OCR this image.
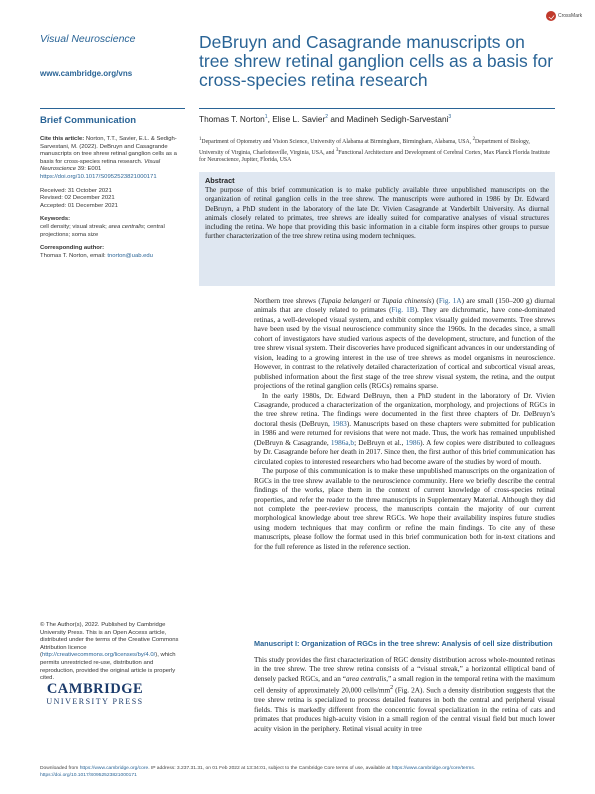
CrossMark
Visual Neuroscience
www.cambridge.org/vns
Brief Communication

Cite this article: Norton, T.T., Savier, E.L. & Sedigh-Sarvestani, M. (2022). DeBruyn and Casagrande manuscripts on tree shrew retinal ganglion cells as a basis for cross-species retina research. Visual Neuroscience 39: E001 https://doi.org/10.1017/S0952523821000171

Received: 31 October 2021
Revised: 02 December 2021
Accepted: 01 December 2021

Keywords:
cell density; visual streak; area centralis; central projections; soma size

Corresponding author:
Thomas T. Norton, email: tnorton@uab.edu

© The Author(s), 2022. Published by Cambridge University Press. This is an Open Access article, distributed under the terms of the Creative Commons Attribution licence (http://creativecommons.org/licenses/by/4.0/), which permits unrestricted re-use, distribution and reproduction, provided the original article is properly cited.
CAMBRIDGE
UNIVERSITY PRESS
DeBruyn and Casagrande manuscripts on tree shrew retinal ganglion cells as a basis for cross-species retina research
Thomas T. Norton$^1$, Elise L. Savier$^2$ and Madineh Sedigh-Sarvestani$^3$
$^1$Department of Optometry and Vision Science, University of Alabama at Birmingham, Birmingham, Alabama, USA, $^2$Department of Biology, University of Virginia, Charlottesville, Virginia, USA, and $^3$Functional Architecture and Development of Cerebral Cortex, Max Planck Florida Institute for Neuroscience, Jupiter, Florida, USA
Abstract
The purpose of this brief communication is to make publicly available three unpublished manuscripts on the organization of retinal ganglion cells in the tree shrew. The manuscripts were authored in 1986 by Dr. Edward DeBruyn, a PhD student in the laboratory of the late Dr. Vivien Casagrande at Vanderbilt University. As diurnal animals closely related to primates, tree shrews are ideally suited for comparative analyses of visual structures including the retina. We hope that providing this basic information in a citable form inspires other groups to pursue further characterization of the tree shrew retina using modern techniques.

Northern tree shrews (Tupaia belangeri or Tupaia chinensis) (Fig. 1A) are small (150–200 g) diurnal animals that are closely related to primates (Fig. 1B). They are dichromatic, have cone-dominated retinas, a well-developed visual system, and exhibit complex visually guided movements. Tree shrews have been used by the visual neuroscience community since the 1960s. In the decades since, a small cohort of investigators have studied various aspects of the development, structure, and function of the tree shrew visual system. Their discoveries have produced significant advances in our understanding of vision, leading to a growing interest in the use of tree shrews as model organisms in neuroscience. However, in contrast to the relatively detailed characterization of cortical and subcortical visual areas, published information about the first stage of the tree shrew visual system, the retina, and the output projections of the retinal ganglion cells (RGCs) remains sparse.

In the early 1980s, Dr. Edward DeBruyn, then a PhD student in the laboratory of Dr. Vivien Casagrande, produced a characterization of the organization, morphology, and projections of RGCs in the tree shrew retina. The findings were documented in the first three chapters of Dr. DeBruyn’s doctoral thesis (DeBruyn, 1983). Manuscripts based on these chapters were submitted for publication in 1986 and were returned for revisions that were not made. Thus, the work has remained unpublished (DeBruyn & Casagrande, 1986a,b; DeBruyn et al., 1986). A few copies were distributed to colleagues by Dr. Casagrande before her death in 2017. Since then, the first author of this brief communication has circulated copies to interested researchers who had become aware of the studies by word of mouth.

The purpose of this communication is to make these unpublished manuscripts on the organization of RGCs in the tree shrew available to the neuroscience community. Here we briefly describe the central findings of the works, place them in the context of current knowledge of cross-species retinal properties, and refer the reader to the three manuscripts in Supplementary Material. Although they did not complete the peer-review process, the manuscripts contain the majority of our current morphological knowledge about tree shrew RGCs. We hope their availability inspires future studies using modern techniques that may confirm or refine the main findings. To cite any of these manuscripts, please follow the format used in this brief communication both for in-text citations and for the full reference as listed in the reference section.

Manuscript I: Organization of RGCs in the tree shrew: Analysis of cell size distribution

This study provides the first characterization of RGC density distribution across whole-mounted retinas in the tree shrew. The tree shrew retina consists of a “visual streak,” a horizontal elliptical band of densely packed RGCs, and an “area centralis,” a small region in the temporal retina with the maximum cell density of approximately 20,000 cells/$mm^2$ (Fig. 2A). Such a density distribution suggests that the tree shrew retina is specialized to process detailed features in both the central and peripheral visual fields. This is markedly different from the concentric foveal specialization in the retina of cats and primates that produces high-acuity vision in a small region of the central visual field but much lower acuity vision in the periphery. Retinal visual acuity in tree

Downloaded from https://www.cambridge.org/core. IP address: 3.237.31.31, on 01 Feb 2022 at 13:34:01, subject to the Cambridge Core terms of use, available at https://www.cambridge.org/core/terms.
https://doi.org/10.1017/S0952523821000171
